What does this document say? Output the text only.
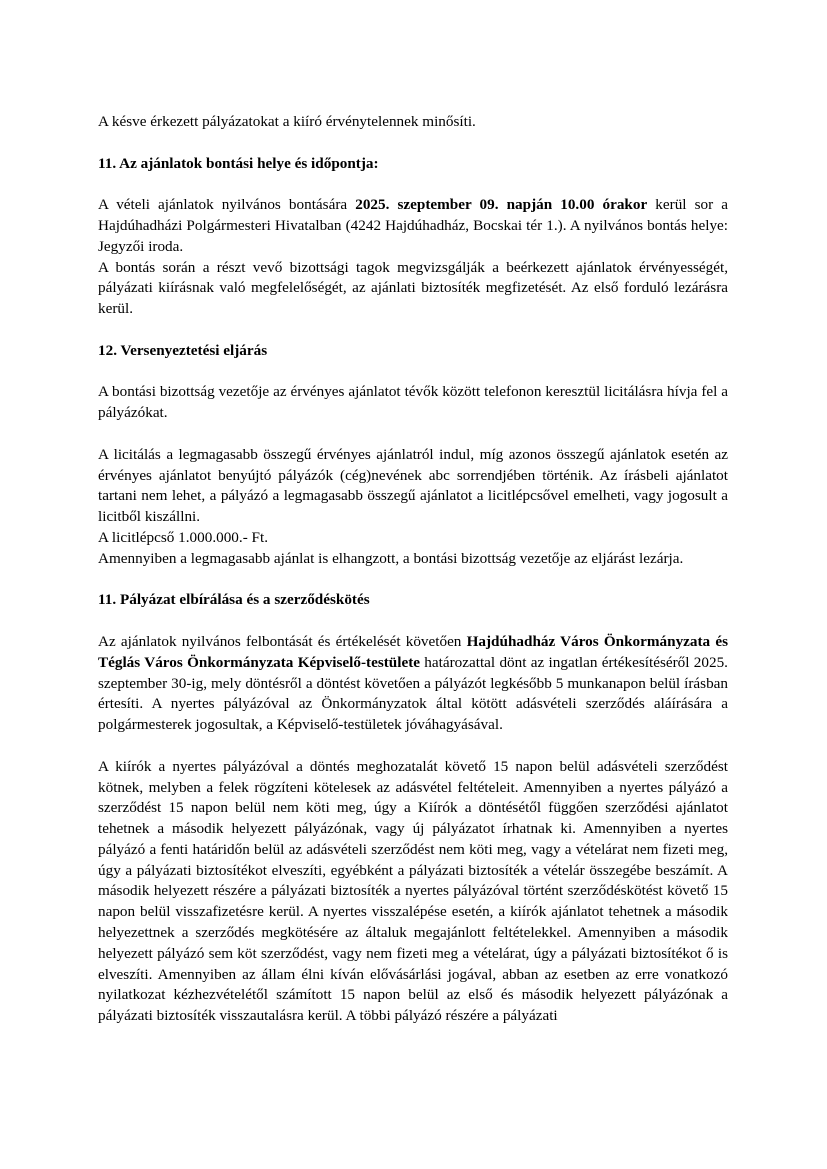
A késve érkezett pályázatokat a kiíró érvénytelennek minősíti.

11. Az ajánlatok bontási helye és időpontja:

A vételi ajánlatok nyilvános bontására 2025. szeptember 09. napján 10.00 órakor kerül sor a Hajdúhadházi Polgármesteri Hivatalban (4242 Hajdúhadház, Bocskai tér 1.). A nyilvános bontás helye: Jegyzői iroda.

A bontás során a részt vevő bizottsági tagok megvizsgálják a beérkezett ajánlatok érvényességét, pályázati kiírásnak való megfelelőségét, az ajánlati biztosíték megfizetését. Az első forduló lezárásra kerül.

12. Versenyeztetési eljárás

A bontási bizottság vezetője az érvényes ajánlatot tévők között telefonon keresztül licitálásra hívja fel a pályázókat.

A licitálás a legmagasabb összegű érvényes ajánlatról indul, míg azonos összegű ajánlatok esetén az érvényes ajánlatot benyújtó pályázók (cég)nevének abc sorrendjében történik. Az írásbeli ajánlatot tartani nem lehet, a pályázó a legmagasabb összegű ajánlatot a licitlépcsővel emelheti, vagy jogosult a licitből kiszállni.

A licitlépcső 1.000.000.- Ft.

Amennyiben a legmagasabb ajánlat is elhangzott, a bontási bizottság vezetője az eljárást lezárja.

11. Pályázat elbírálása és a szerződéskötés

Az ajánlatok nyilvános felbontását és értékelését követően Hajdúhadház Város Önkormányzata és Téglás Város Önkormányzata Képviselő-testülete határozattal dönt az ingatlan értékesítéséről 2025. szeptember 30-ig, mely döntésről a döntést követően a pályázót legkésőbb 5 munkanapon belül írásban értesíti. A nyertes pályázóval az Önkormányzatok által kötött adásvételi szerződés aláírására a polgármesterek jogosultak, a Képviselő-testületek jóváhagyásával.

A kiírók a nyertes pályázóval a döntés meghozatalát követő 15 napon belül adásvételi szerződést kötnek, melyben a felek rögzíteni kötelesek az adásvétel feltételeit. Amennyiben a nyertes pályázó a szerződést 15 napon belül nem köti meg, úgy a Kiírók a döntésétől függően szerződési ajánlatot tehetnek a második helyezett pályázónak, vagy új pályázatot írhatnak ki. Amennyiben a nyertes pályázó a fenti határidőn belül az adásvételi szerződést nem köti meg, vagy a vételárat nem fizeti meg, úgy a pályázati biztosítékot elveszíti, egyébként a pályázati biztosíték a vételár összegébe beszámít. A második helyezett részére a pályázati biztosíték a nyertes pályázóval történt szerződéskötést követő 15 napon belül visszafizetésre kerül. A nyertes visszalépése esetén, a kiírók ajánlatot tehetnek a második helyezettnek a szerződés megkötésére az általuk megajánlott feltételekkel. Amennyiben a második helyezett pályázó sem köt szerződést, vagy nem fizeti meg a vételárat, úgy a pályázati biztosítékot ő is elveszíti. Amennyiben az állam élni kíván elővásárlási jogával, abban az esetben az erre vonatkozó nyilatkozat kézhezvételétől számított 15 napon belül az első és második helyezett pályázónak a pályázati biztosíték visszautalásra kerül. A többi pályázó részére a pályázati
